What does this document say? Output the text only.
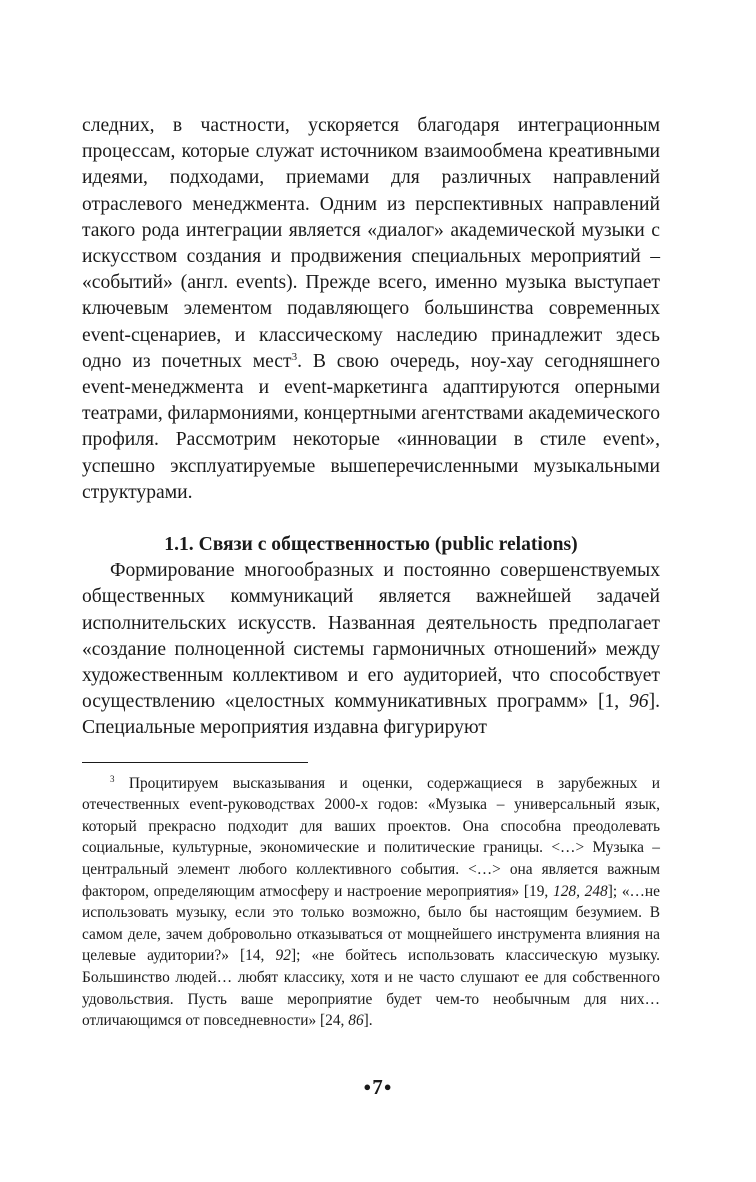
следних, в частности, ускоряется благодаря интеграционным процессам, которые служат источником взаимообмена креативными идеями, подходами, приемами для различных направлений отраслевого менеджмента. Одним из перспективных направлений такого рода интеграции является «диалог» академической музыки с искусством создания и продвижения специальных мероприятий – «событий» (англ. events). Прежде всего, именно музыка выступает ключевым элементом подавляющего большинства современных event-сценариев, и классическому наследию принадлежит здесь одно из почетных мест$^3$. В свою очередь, ноу-хау сегодняшнего event-менеджмента и event-маркетинга адаптируются оперными театрами, филармониями, концертными агентствами академического профиля. Рассмотрим некоторые «инновации в стиле event», успешно эксплуатируемые вышеперечисленными музыкальными структурами.

1.1. Связи с общественностью (public relations)

Формирование многообразных и постоянно совершенствуемых общественных коммуникаций является важнейшей задачей исполнительских искусств. Названная деятельность предполагает «создание полноценной системы гармоничных отношений» между художественным коллективом и его аудиторией, что способствует осуществлению «целостных коммуникативных программ» [1, 96]. Специальные мероприятия издавна фигурируют

$^3$ Процитируем высказывания и оценки, содержащиеся в зарубежных и отечественных event-руководствах 2000-х годов: «Музыка – универсальный язык, который прекрасно подходит для ваших проектов. Она способна преодолевать социальные, культурные, экономические и политические границы. <…> Музыка – центральный элемент любого коллективного события. <…> она является важным фактором, определяющим атмосферу и настроение мероприятия» [19, 128, 248]; «…не использовать музыку, если это только возможно, было бы настоящим безумием. В самом деле, зачем добровольно отказываться от мощнейшего инструмента влияния на целевые аудитории?» [14, 92]; «не бойтесь использовать классическую музыку. Большинство людей… любят классику, хотя и не часто слушают ее для собственного удовольствия. Пусть ваше мероприятие будет чем-то необычным для них… отличающимся от повседневности» [24, 86].

●7●
